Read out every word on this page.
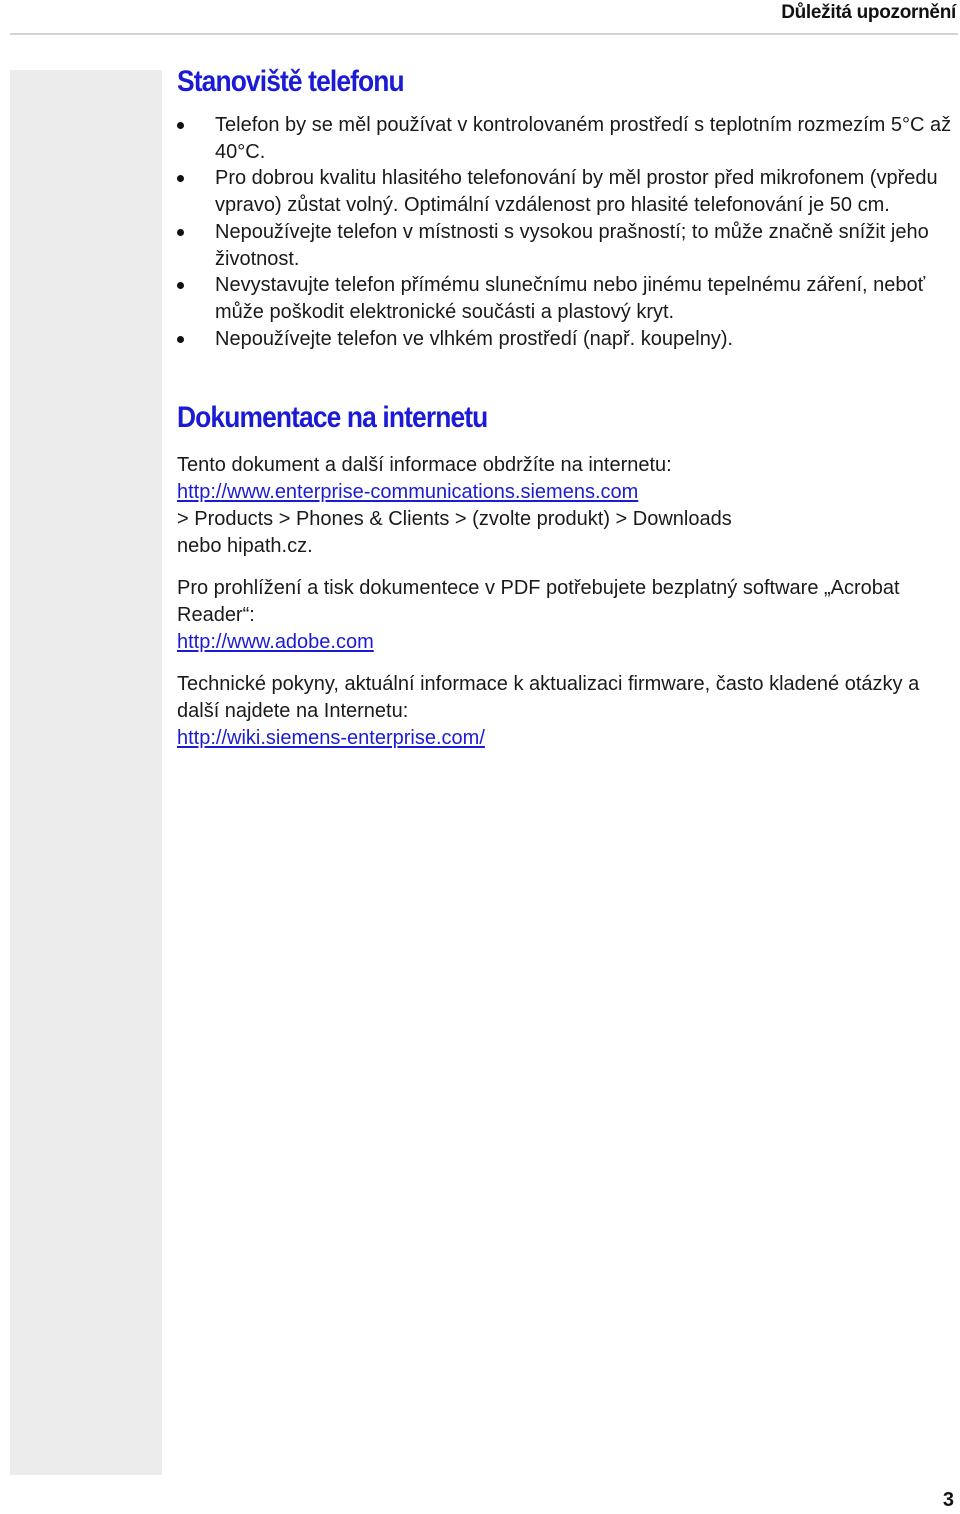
Důležitá upozornění
Stanoviště telefonu
Telefon by se měl používat v kontrolovaném prostředí s teplotním rozmezím 5°C až 40°C.
Pro dobrou kvalitu hlasitého telefonování by měl prostor před mikrofonem (vpředu vpravo) zůstat volný. Optimální vzdálenost pro hlasité telefonování je 50 cm.
Nepoužívejte telefon v místnosti s vysokou prašností; to může značně snížit jeho životnost.
Nevystavujte telefon přímému slunečnímu nebo jinému tepelnému záření, neboť může poškodit elektronické součásti a plastový kryt.
Nepoužívejte telefon ve vlhkém prostředí (např. koupelny).
Dokumentace na internetu

Tento dokument a další informace obdržíte na internetu:
http://www.enterprise-communications.siemens.com
> Products > Phones & Clients > (zvolte produkt) > Downloads
nebo hipath.cz.

Pro prohlížení a tisk dokumentece v PDF potřebujete bezplatný software „Acrobat Reader“:
http://www.adobe.com

Technické pokyny, aktuální informace k aktualizaci firmware, často kladené otázky a další najdete na Internetu:
http://wiki.siemens-enterprise.com/

3
